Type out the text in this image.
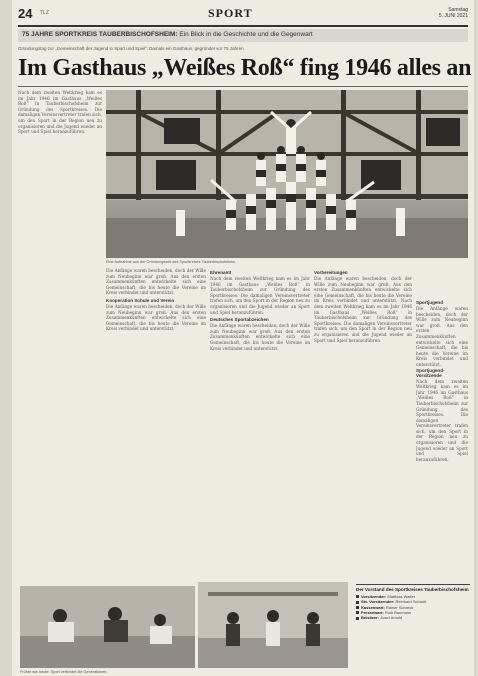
24 TLZ	SPORT	Samstag
5. JUNI 2021
75 JAHRE SPORTKREIS TAUBERBISCHOFSHEIM: Ein Blick in die Geschichte und die Gegenwart
Gründungstag zur „Gemeinschaft der Jugend in Sport und Spiel“: Damals ein Gasthaus, gegründet vor 75 Jahren
Im Gasthaus „Weißes Roß“ fing 1946 alles an
Nach dem zweiten Weltkrieg kam es im Jahr 1946 im Gasthaus „Weißes Roß“ in Tauberbischofsheim zur Gründung des Sportkreises. Die damaligen Vereinsvertreter trafen sich, um den Sport in der Region neu zu organisieren und die Jugend wieder an Sport und Spiel heranzuführen.
Eine Aufnahme aus der Gründungszeit des Sportkreises Tauberbischofsheim.
Die Anfänge waren bescheiden, doch der Wille zum Neubeginn war groß. Aus den ersten Zusammenkünften entwickelte sich eine Gemeinschaft, die bis heute die Vereine im Kreis verbindet und unterstützt.
Kooperation Schule und Verein
Die Anfänge waren bescheiden, doch der Wille zum Neubeginn war groß. Aus den ersten Zusammenkünften entwickelte sich eine Gemeinschaft, die bis heute die Vereine im Kreis verbindet und unterstützt.
Ehrenamt
Nach dem zweiten Weltkrieg kam es im Jahr 1946 im Gasthaus „Weißes Roß“ in Tauberbischofsheim zur Gründung des Sportkreises. Die damaligen Vereinsvertreter trafen sich, um den Sport in der Region neu zu organisieren und die Jugend wieder an Sport und Spiel heranzuführen.
Deutsches Sportabzeichen
Die Anfänge waren bescheiden, doch der Wille zum Neubeginn war groß. Aus den ersten Zusammenkünften entwickelte sich eine Gemeinschaft, die bis heute die Vereine im Kreis verbindet und unterstützt.
Vorbereitungen
Die Anfänge waren bescheiden, doch der Wille zum Neubeginn war groß. Aus den ersten Zusammenkünften entwickelte sich eine Gemeinschaft, die bis heute die Vereine im Kreis verbindet und unterstützt. Nach dem zweiten Weltkrieg kam es im Jahr 1946 im Gasthaus „Weißes Roß“ in Tauberbischofsheim zur Gründung des Sportkreises. Die damaligen Vereinsvertreter trafen sich, um den Sport in der Region neu zu organisieren und die Jugend wieder an Sport und Spiel heranzuführen.
Sportjugend
Die Anfänge waren bescheiden, doch der Wille zum Neubeginn war groß. Aus den ersten Zusammenkünften entwickelte sich eine Gemeinschaft, die bis heute die Vereine im Kreis verbindet und unterstützt.
Sportjugend-Vorsitzende
Nach dem zweiten Weltkrieg kam es im Jahr 1946 im Gasthaus „Weißes Roß“ in Tauberbischofsheim zur Gründung des Sportkreises. Die damaligen Vereinsvertreter trafen sich, um den Sport in der Region neu zu organisieren und die Jugend wieder an Sport und Spiel heranzuführen.
Früher wie heute: Sport verbindet die Generationen.
Der Vorstand des Sportkreises Tauberbischofsheim
Vorsitzender: Matthias Walter
Stv. Vorsitzender: Reinhard Schmitt
Kassenwart: Rainer Schreck
Pressewart: Rudi Baumann
Beisitzer: Josef Arnold
